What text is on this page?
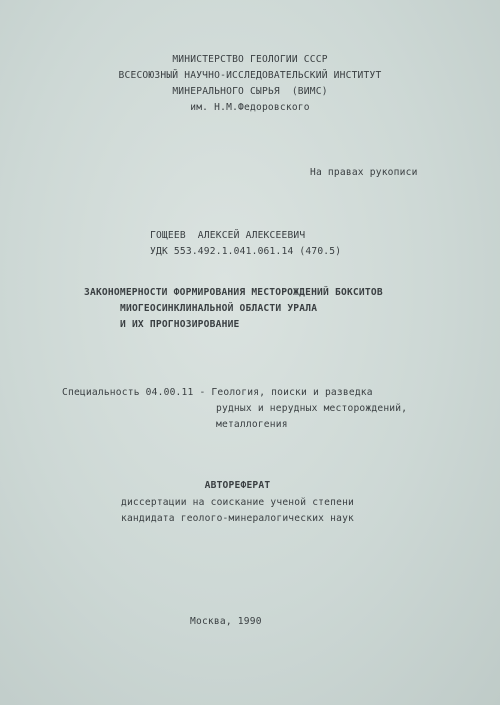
МИНИСТЕРСТВО ГЕОЛОГИИ СССР
ВСЕСОЮЗНЫЙ НАУЧНО-ИССЛЕДОВАТЕЛЬСКИЙ ИНСТИТУТ
МИНЕРАЛЬНОГО СЫРЬЯ  (ВИМС)
им. Н.М.Федоровского
На правах рукописи
ГОЩЕЕВ  АЛЕКСЕЙ АЛЕКСЕЕВИЧ
УДК 553.492.1.041.061.14 (470.5)
ЗАКОНОМЕРНОСТИ ФОРМИРОВАНИЯ МЕСТОРОЖДЕНИЙ БОКСИТОВ
МИОГЕОСИНКЛИНАЛЬНОЙ ОБЛАСТИ УРАЛА
И ИХ ПРОГНОЗИРОВАНИЕ
Специальность 04.00.11 - Геология, поиски и разведка
рудных и нерудных месторождений,
металлогения
АВТОРЕФЕРАТ
диссертации на соискание ученой степени
кандидата геолого-минералогических наук
Москва, 1990
